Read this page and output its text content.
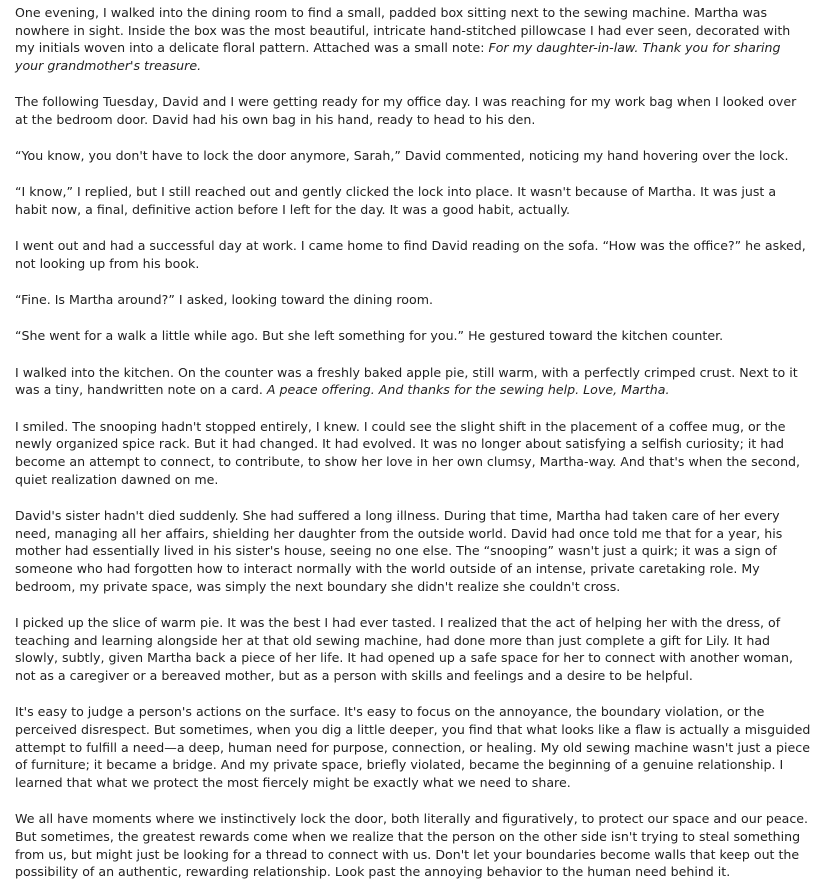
One evening, I walked into the dining room to find a small, padded box sitting next to the sewing machine. Martha was nowhere in sight. Inside the box was the most beautiful, intricate hand-stitched pillowcase I had ever seen, decorated with my initials woven into a delicate floral pattern. Attached was a small note: For my daughter-in-law. Thank you for sharing your grandmother's treasure.

The following Tuesday, David and I were getting ready for my office day. I was reaching for my work bag when I looked over at the bedroom door. David had his own bag in his hand, ready to head to his den.

“You know, you don't have to lock the door anymore, Sarah,” David commented, noticing my hand hovering over the lock.

“I know,” I replied, but I still reached out and gently clicked the lock into place. It wasn't because of Martha. It was just a habit now, a final, definitive action before I left for the day. It was a good habit, actually.

I went out and had a successful day at work. I came home to find David reading on the sofa. “How was the office?” he asked, not looking up from his book.

“Fine. Is Martha around?” I asked, looking toward the dining room.

“She went for a walk a little while ago. But she left something for you.” He gestured toward the kitchen counter.

I walked into the kitchen. On the counter was a freshly baked apple pie, still warm, with a perfectly crimped crust. Next to it was a tiny, handwritten note on a card. A peace offering. And thanks for the sewing help. Love, Martha.

I smiled. The snooping hadn't stopped entirely, I knew. I could see the slight shift in the placement of a coffee mug, or the newly organized spice rack. But it had changed. It had evolved. It was no longer about satisfying a selfish curiosity; it had become an attempt to connect, to contribute, to show her love in her own clumsy, Martha-way. And that's when the second, quiet realization dawned on me.

David's sister hadn't died suddenly. She had suffered a long illness. During that time, Martha had taken care of her every need, managing all her affairs, shielding her daughter from the outside world. David had once told me that for a year, his mother had essentially lived in his sister's house, seeing no one else. The “snooping” wasn't just a quirk; it was a sign of someone who had forgotten how to interact normally with the world outside of an intense, private caretaking role. My bedroom, my private space, was simply the next boundary she didn't realize she couldn't cross.

I picked up the slice of warm pie. It was the best I had ever tasted. I realized that the act of helping her with the dress, of teaching and learning alongside her at that old sewing machine, had done more than just complete a gift for Lily. It had slowly, subtly, given Martha back a piece of her life. It had opened up a safe space for her to connect with another woman, not as a caregiver or a bereaved mother, but as a person with skills and feelings and a desire to be helpful.

It's easy to judge a person's actions on the surface. It's easy to focus on the annoyance, the boundary violation, or the perceived disrespect. But sometimes, when you dig a little deeper, you find that what looks like a flaw is actually a misguided attempt to fulfill a need—a deep, human need for purpose, connection, or healing. My old sewing machine wasn't just a piece of furniture; it became a bridge. And my private space, briefly violated, became the beginning of a genuine relationship. I learned that what we protect the most fiercely might be exactly what we need to share.

We all have moments where we instinctively lock the door, both literally and figuratively, to protect our space and our peace. But sometimes, the greatest rewards come when we realize that the person on the other side isn't trying to steal something from us, but might just be looking for a thread to connect with us. Don't let your boundaries become walls that keep out the possibility of an authentic, rewarding relationship. Look past the annoying behavior to the human need behind it.
